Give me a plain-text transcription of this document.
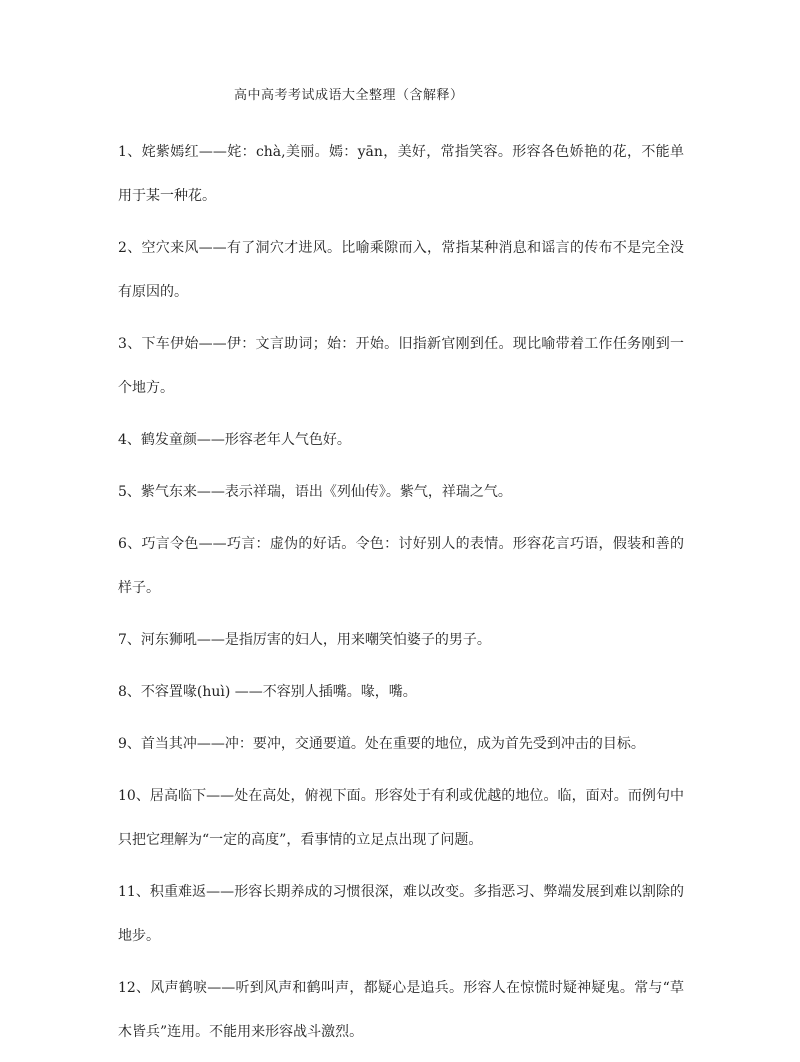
高中高考考试成语大全整理（含解释）

1、姹紫嫣红——姹：chà,美丽。嫣：yān，美好，常指笑容。形容各色娇艳的花，不能单用于某一种花。

2、空穴来风——有了洞穴才进风。比喻乘隙而入，常指某种消息和谣言的传布不是完全没有原因的。

3、下车伊始——伊：文言助词；始：开始。旧指新官刚到任。现比喻带着工作任务刚到一个地方。

4、鹤发童颜——形容老年人气色好。

5、紫气东来——表示祥瑞，语出《列仙传》。紫气，祥瑞之气。

6、巧言令色——巧言：虚伪的好话。令色：讨好别人的表情。形容花言巧语，假装和善的样子。

7、河东狮吼——是指厉害的妇人，用来嘲笑怕婆子的男子。

8、不容置喙(huì) ——不容别人插嘴。喙，嘴。

9、首当其冲——冲：要冲，交通要道。处在重要的地位，成为首先受到冲击的目标。

10、居高临下——处在高处，俯视下面。形容处于有利或优越的地位。临，面对。而例句中只把它理解为“一定的高度”，看事情的立足点出现了问题。

11、积重难返——形容长期养成的习惯很深，难以改变。多指恶习、弊端发展到难以割除的地步。

12、风声鹤唳——听到风声和鹤叫声，都疑心是追兵。形容人在惊慌时疑神疑鬼。常与“草木皆兵”连用。不能用来形容战斗激烈。
